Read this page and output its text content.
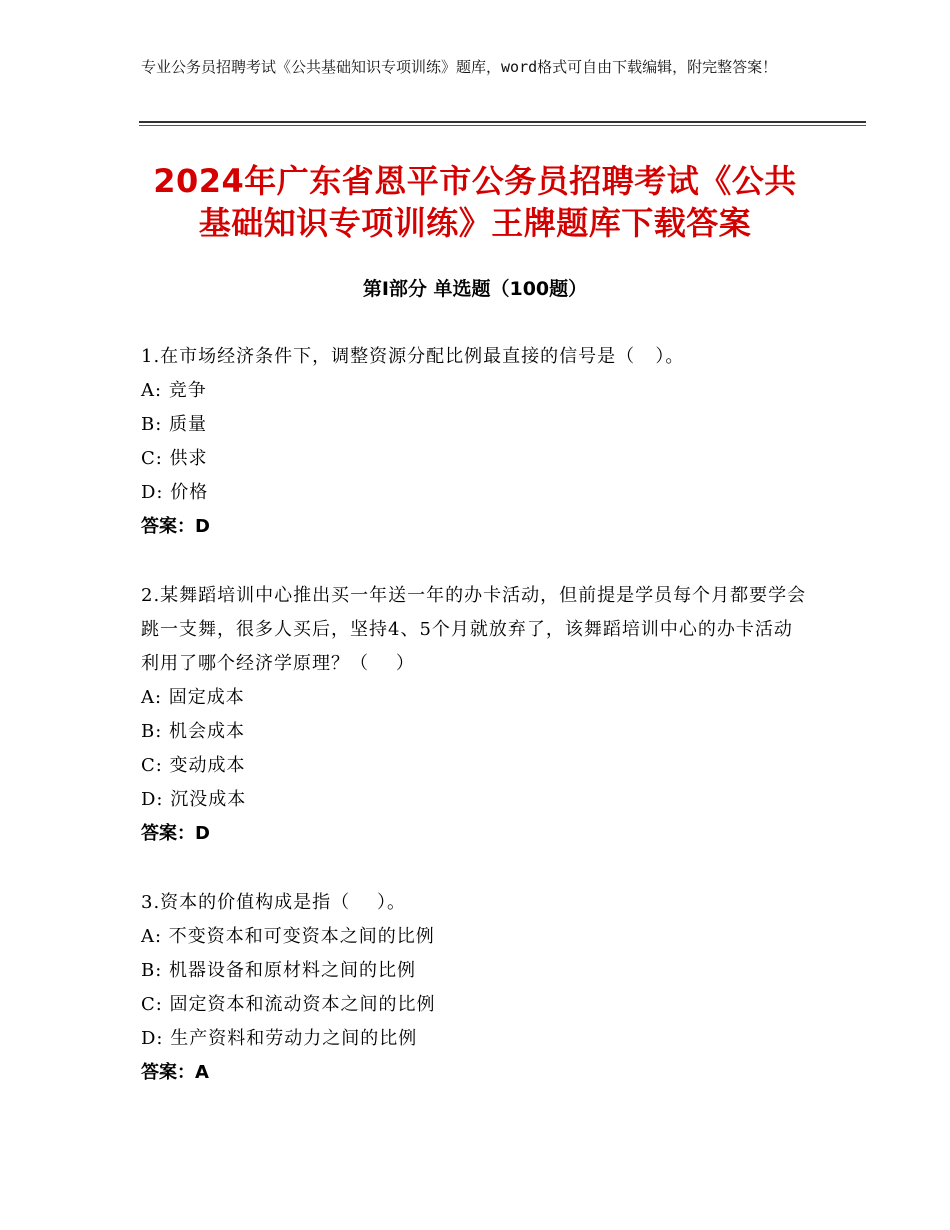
专业公务员招聘考试《公共基础知识专项训练》题库，word格式可自由下载编辑，附完整答案！
2024年广东省恩平市公务员招聘考试《公共
基础知识专项训练》王牌题库下载答案
第Ⅰ部分 单选题（100题）
1.在市场经济条件下，调整资源分配比例最直接的信号是（   ）。
A: 竞争
B: 质量
C: 供求
D: 价格
答案：D
2.某舞蹈培训中心推出买一年送一年的办卡活动，但前提是学员每个月都要学会跳一支舞，很多人买后，坚持4、5个月就放弃了，该舞蹈培训中心的办卡活动利用了哪个经济学原理？（    ）
A: 固定成本
B: 机会成本
C: 变动成本
D: 沉没成本
答案：D
3.资本的价值构成是指（    ）。
A: 不变资本和可变资本之间的比例
B: 机器设备和原材料之间的比例
C: 固定资本和流动资本之间的比例
D: 生产资料和劳动力之间的比例
答案：A
